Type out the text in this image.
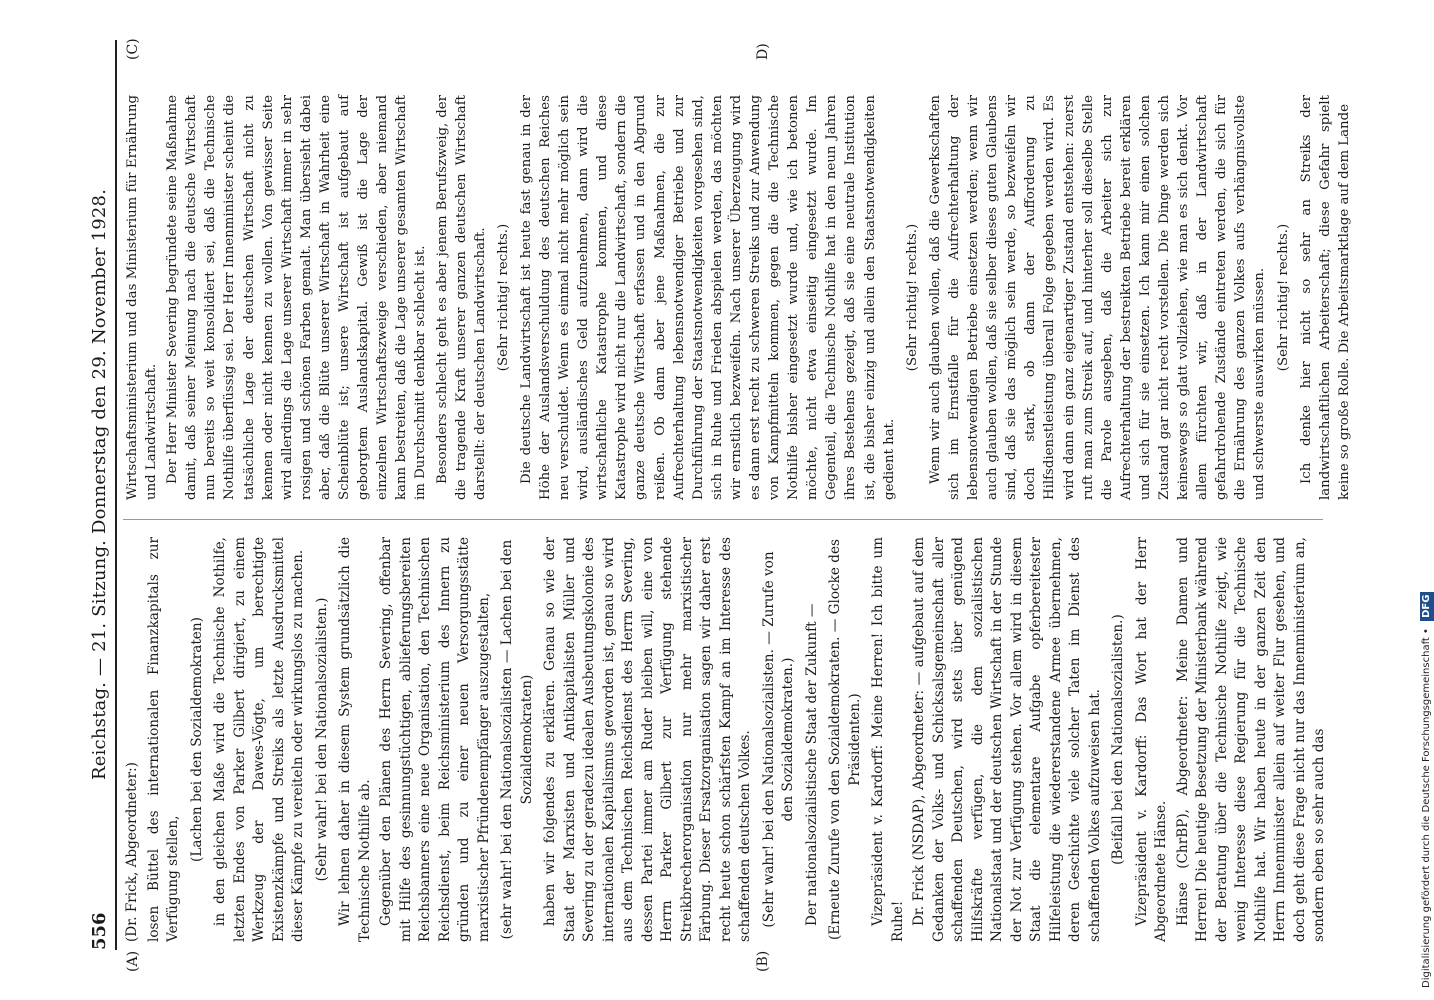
556
Reichstag. — 21. Sitzung. Donnerstag den 29. November 1928.
(A)	(B)
(C)	D)

(Dr. Frick, Abgeordneter:) losen Büttel des internationalen Finanzkapitals zur Verfügung stellen,

(Lachen bei den Sozialdemokraten) in den gleichen Maße wird die Technische Nothilfe, letzten Endes von Parker Gilbert dirigiert, zu einem Werkzeug der Dawes-Vögte, um berechtigte Existenzkämpfe und Streiks als letzte Ausdrucksmittel dieser Kämpfe zu vereiteln oder wirkungslos zu machen. (Sehr wahr! bei den Nationalsozialisten.) Wir lehnen daher in diesem System grundsätzlich die Technische Nothilfe ab. Gegenüber den Plänen des Herrn Severing, offenbar mit Hilfe des gesinnungstüchtigen, ablieferungsbereiten Reichsbanners eine neue Organisation, den Technischen Reichsdienst, beim Reichsministerium des Innern zu gründen und zu einer neuen Versorgungsstätte marxistischer Pfründenempfänger auszugestalten, (sehr wahr! bei den Nationalsozialisten — Lachen bei den Sozialdemokraten) haben wir folgendes zu erklären. Genau so wie der Staat der Marxisten und Antikapitalisten Müller und Severing zu der geradezu idealen Ausbeutungskolonie des internationalen Kapitalismus geworden ist, genau so wird aus dem Technischen Reichsdienst des Herrn Severing, dessen Partei immer am Ruder bleiben will, eine von Herrn Parker Gilbert zur Verfügung stehende Streikbrecherorganisation nur mehr marxistischer Färbung. Dieser Ersatzorganisation sagen wir daher erst recht heute schon schärfsten Kampf an im Interesse des schaffenden deutschen Volkes. (Sehr wahr! bei den Nationalsozialisten. — Zurufe von den Sozialdemokraten.) Der nationalsozialistische Staat der Zukunft — (Erneute Zurufe von den Sozialdemokraten. — Glocke des Präsidenten.) Vizepräsident v. Kardorff: Meine Herren! Ich bitte um Ruhe! Dr. Frick (NSDAP), Abgeordneter: — aufgebaut auf dem Gedanken der Volks- und Schicksalsgemeinschaft aller schaffenden Deutschen, wird stets über genügend Hilfskräfte verfügen, die dem sozialistischen Nationalstaat und der deutschen Wirtschaft in der Stunde der Not zur Verfügung stehen. Vor allem wird in diesem Staat die elementare Aufgabe opferbereitester Hilfeleistung die wiedererstandene Armee übernehmen, deren Geschichte viele solcher Taten im Dienst des schaffenden Volkes aufzuweisen hat. (Beifall bei den Nationalsozialisten.) Vizepräsident v. Kardorff: Das Wort hat der Herr Abgeordnete Hänse. Hänse (ChrBP), Abgeordneter: Meine Damen und Herren! Die heutige Besetzung der Ministerbank während der Beratung über die Technische Nothilfe zeigt, wie wenig Interesse diese Regierung für die Technische Nothilfe hat. Wir haben heute in der ganzen Zeit den Herrn Innenminister allein auf weiter Flur gesehen, und doch geht diese Frage nicht nur das Innenministerium an, sondern eben so sehr auch das

Wirtschaftsministerium und das Ministerium für Ernährung und Landwirtschaft. Der Herr Minister Severing begründete seine Maßnahme damit, daß seiner Meinung nach die deutsche Wirtschaft nun bereits so weit konsolidiert sei, daß die Technische Nothilfe überflüssig sei. Der Herr Innenminister scheint die tatsächliche Lage der deutschen Wirtschaft nicht zu kennen oder nicht kennen zu wollen. Von gewisser Seite wird allerdings die Lage unserer Wirtschaft immer in sehr rosigen und schönen Farben gemalt. Man übersieht dabei aber, daß die Blüte unserer Wirtschaft in Wahrheit eine Scheinblüte ist; unsere Wirtschaft ist aufgebaut auf geborgtem Auslandskapital. Gewiß ist die Lage der einzelnen Wirtschaftszweige verschieden, aber niemand kann bestreiten, daß die Lage unserer gesamten Wirtschaft im Durchschnitt denkbar schlecht ist. Besonders schlecht geht es aber jenem Berufszweig, der die tragende Kraft unserer ganzen deutschen Wirtschaft darstellt: der deutschen Landwirtschaft. (Sehr richtig! rechts.) Die deutsche Landwirtschaft ist heute fast genau in der Höhe der Auslandsverschuldung des deutschen Reiches neu verschuldet. Wenn es einmal nicht mehr möglich sein wird, ausländisches Geld aufzunehmen, dann wird die wirtschaftliche Katastrophe kommen, und diese Katastrophe wird nicht nur die Landwirtschaft, sondern die ganze deutsche Wirtschaft erfassen und in den Abgrund reißen. Ob dann aber jene Maßnahmen, die zur Aufrechterhaltung lebensnotwendiger Betriebe und zur Durchführung der Staatsnotwendigkeiten vorgesehen sind, sich in Ruhe und Frieden abspielen werden, das möchten wir ernstlich bezweifeln. Nach unserer Überzeugung wird es dann erst recht zu schweren Streiks und zur Anwendung von Kampfmitteln kommen, gegen die die Technische Nothilfe bisher eingesetzt wurde und, wie ich betonen möchte, nicht etwa einseitig eingesetzt wurde. Im Gegenteil, die Technische Nothilfe hat in den neun Jahren ihres Bestehens gezeigt, daß sie eine neutrale Institution ist, die bisher einzig und allein den Staatsnotwendigkeiten gedient hat.

(Sehr richtig! rechts.) Wenn wir auch glauben wollen, daß die Gewerkschaften sich im Ernstfalle für die Aufrechterhaltung der lebensnotwendigen Betriebe einsetzen werden; wenn wir auch glauben wollen, daß sie selber dieses guten Glaubens sind, daß sie das möglich sein werde, so bezweifeln wir doch stark, ob dann der Aufforderung zu Hilfsdienstleistung überall Folge gegeben werden wird. Es wird dann ein ganz eigenartiger Zustand entstehen: zuerst ruft man zum Streik auf, und hinterher soll dieselbe Stelle die Parole ausgeben, daß die Arbeiter sich zur Aufrechterhaltung der bestreikten Betriebe bereit erklären und sich für sie einsetzen. Ich kann mir einen solchen Zustand gar nicht recht vorstellen. Die Dinge werden sich keineswegs so glatt vollziehen, wie man es sich denkt. Vor allem fürchten wir, daß in der Landwirtschaft gefahrdrohende Zustände eintreten werden, die sich für die Ernährung des ganzen Volkes aufs verhängnisvollste und schwerste auswirken müssen. (Sehr richtig! rechts.) Ich denke hier nicht so sehr an Streiks der landwirtschaftlichen Arbeiterschaft; diese Gefahr spielt keine so große Rolle. Die Arbeitsmarktlage auf dem Lande

Digitalisierung gefördert durch die Deutsche Forschungsgemeinschaft • DFG
